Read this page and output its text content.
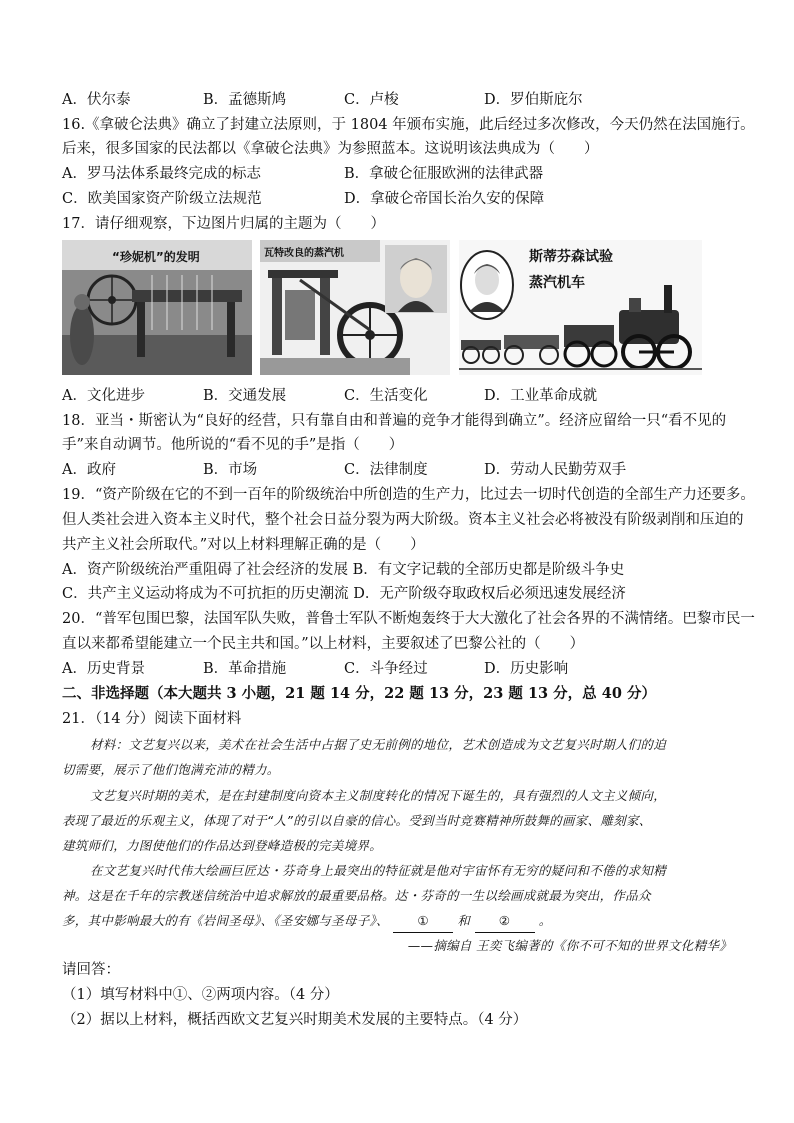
A．伏尔泰	B．孟德斯鸠	C．卢梭	D．罗伯斯庇尔
16.《拿破仑法典》确立了封建立法原则，于 1804 年颁布实施，此后经过多次修改，今天仍然在法国施行。
后来，很多国家的民法都以《拿破仑法典》为参照蓝本。这说明该法典成为（　　）
A．罗马法体系最终完成的标志	B．拿破仑征服欧洲的法律武器
C．欧美国家资产阶级立法规范	D．拿破仑帝国长治久安的保障
17．请仔细观察，下边图片归属的主题为（　　）
“珍妮机”的发明	瓦特改良的蒸汽机	斯蒂芬森试验
蒸汽机车
A．文化进步	B．交通发展	C．生活变化	D．工业革命成就
18．亚当・斯密认为“良好的经营，只有靠自由和普遍的竞争才能得到确立”。经济应留给一只“看不见的
手”来自动调节。他所说的“看不见的手”是指（　　）
A．政府	B．市场	C．法律制度	D．劳动人民勤劳双手
19．“资产阶级在它的不到一百年的阶级统治中所创造的生产力，比过去一切时代创造的全部生产力还要多。
但人类社会进入资本主义时代，整个社会日益分裂为两大阶级。资本主义社会必将被没有阶级剥削和压迫的
共产主义社会所取代。”对以上材料理解正确的是（　　）
A．资产阶级统治严重阻碍了社会经济的发展 B．有文字记载的全部历史都是阶级斗争史
C．共产主义运动将成为不可抗拒的历史潮流 D．无产阶级夺取政权后必须迅速发展经济
20．“普军包围巴黎，法国军队失败，普鲁士军队不断炮轰终于大大激化了社会各界的不满情绪。巴黎市民一
直以来都希望能建立一个民主共和国。”以上材料，主要叙述了巴黎公社的（　　）
A．历史背景	B．革命措施	C．斗争经过	D．历史影响
二、非选择题（本大题共 3 小题，21 题 14 分，22 题 13 分，23 题 13 分，总 40 分）
21．（14 分）阅读下面材料
材料：文艺复兴以来，美术在社会生活中占据了史无前例的地位，艺术创造成为文艺复兴时期人们的迫
切需要，展示了他们饱满充沛的精力。
文艺复兴时期的美术，是在封建制度向资本主义制度转化的情况下诞生的，具有强烈的人文主义倾向，
表现了最近的乐观主义，体现了对于“人”的引以自豪的信心。受到当时竞赛精神所鼓舞的画家、雕刻家、
建筑师们，力图使他们的作品达到登峰造极的完美境界。
在文艺复兴时代伟大绘画巨匠达・芬奇身上最突出的特征就是他对宇宙怀有无穷的疑问和不倦的求知精
神。这是在千年的宗教迷信统治中追求解放的最重要品格。达・芬奇的一生以绘画成就最为突出，作品众
多，其中影响最大的有《岩间圣母》、《圣安娜与圣母子》、 ① 和 ② 。
——摘编自 王奕飞编著的《你不可不知的世界文化精华》
请回答：
（1）填写材料中①、②两项内容。（4 分）
（2）据以上材料，概括西欧文艺复兴时期美术发展的主要特点。（4 分）
